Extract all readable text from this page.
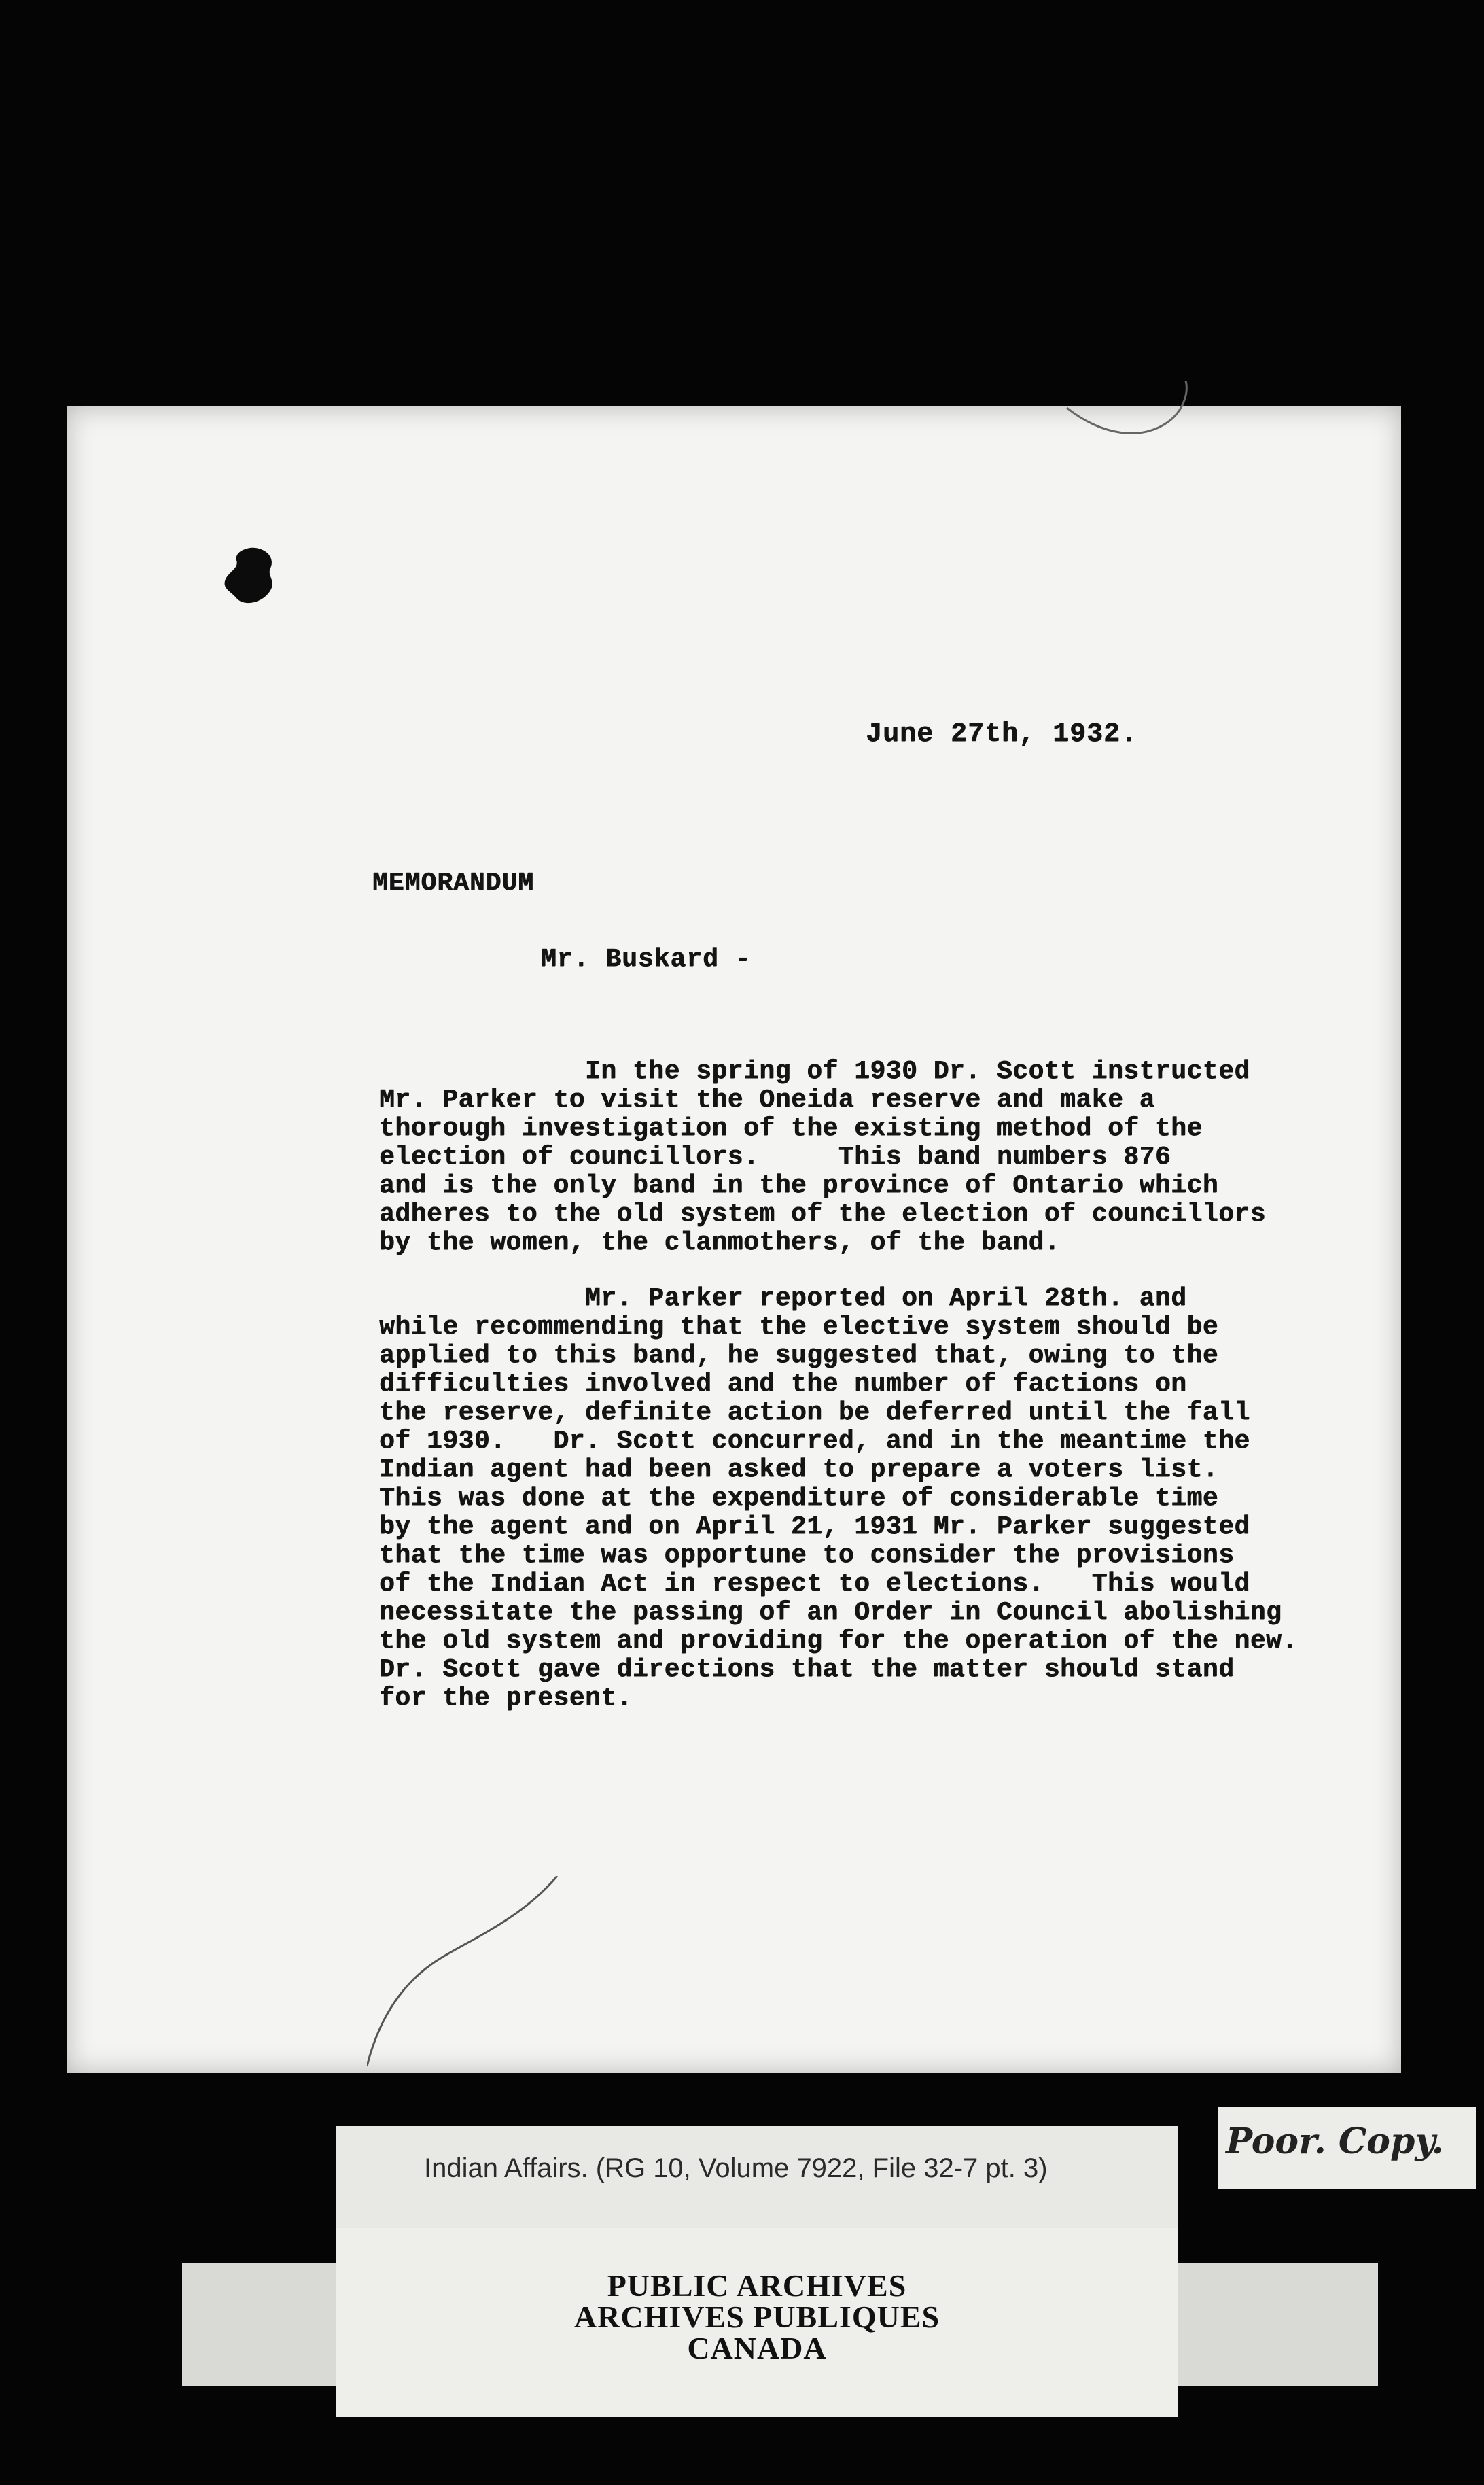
June 27th, 1932.
MEMORANDUM
Mr. Buskard -
In the spring of 1930 Dr. Scott instructed
Mr. Parker to visit the Oneida reserve and make a
thorough investigation of the existing method of the
election of councillors.     This band numbers 876
and is the only band in the province of Ontario which
adheres to the old system of the election of councillors
by the women, the clanmothers, of the band.
Mr. Parker reported on April 28th. and
while recommending that the elective system should be
applied to this band, he suggested that, owing to the
difficulties involved and the number of factions on
the reserve, definite action be deferred until the fall
of 1930.   Dr. Scott concurred, and in the meantime the
Indian agent had been asked to prepare a voters list.
This was done at the expenditure of considerable time
by the agent and on April 21, 1931 Mr. Parker suggested
that the time was opportune to consider the provisions
of the Indian Act in respect to elections.   This would
necessitate the passing of an Order in Council abolishing
the old system and providing for the operation of the new.
Dr. Scott gave directions that the matter should stand
for the present.
Indian Affairs. (RG 10, Volume 7922, File 32-7 pt. 3)
Poor. Copy.
PUBLIC ARCHIVES
ARCHIVES PUBLIQUES
CANADA
